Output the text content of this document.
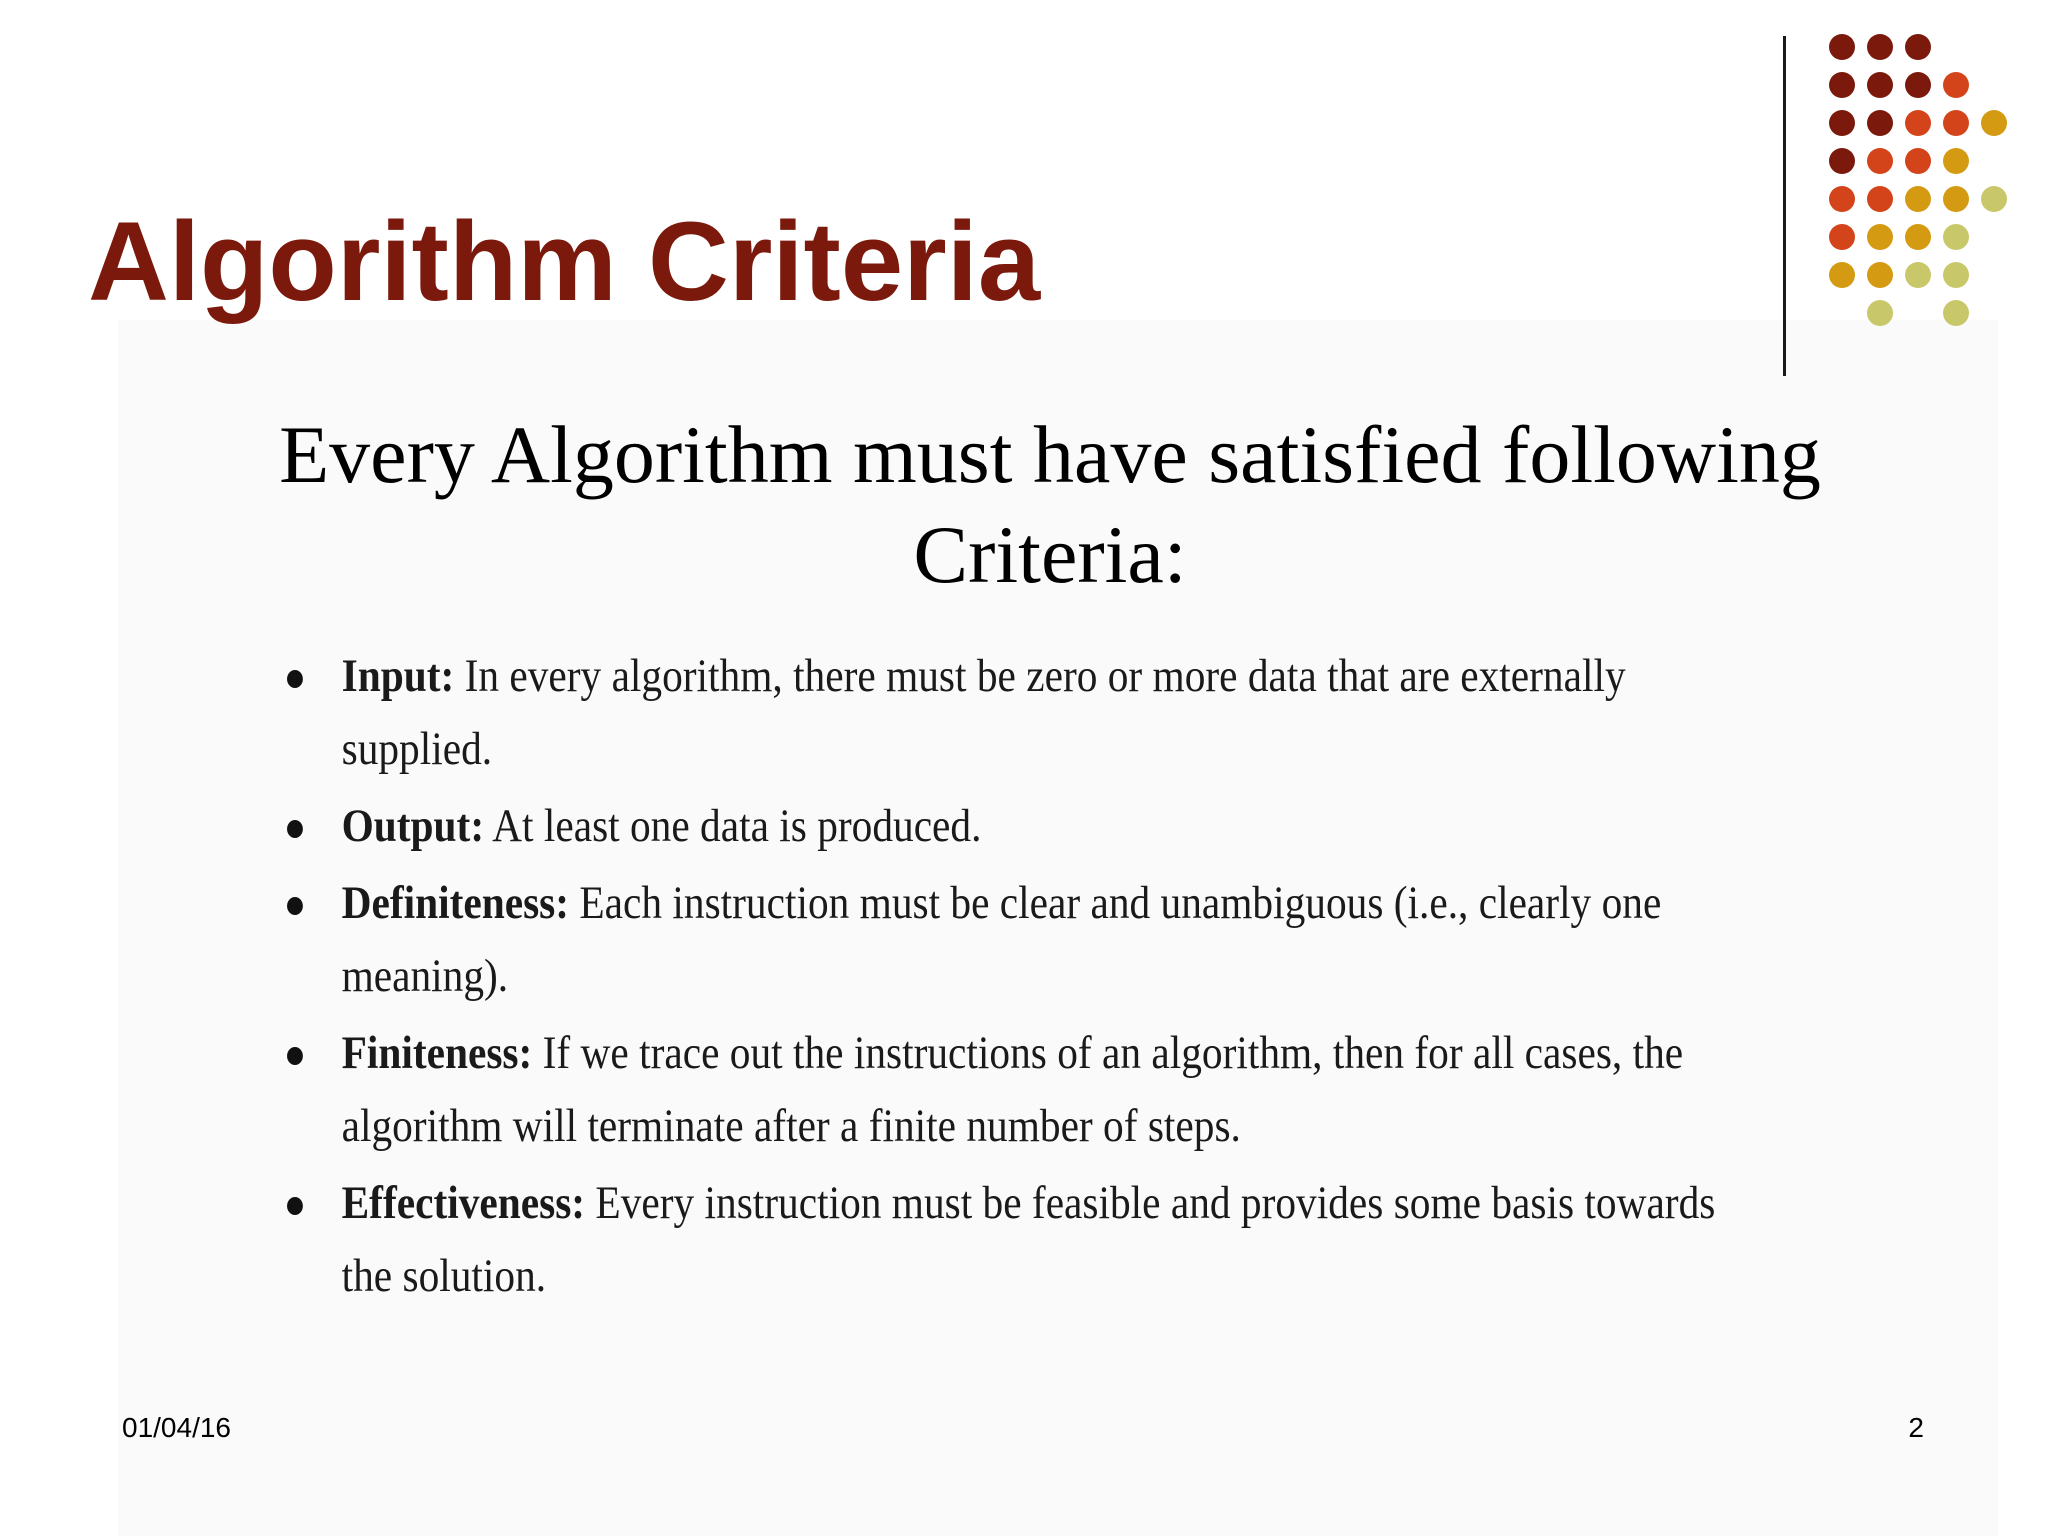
Algorithm Criteria

Every Algorithm must have satisfied following Criteria:

Input: In every algorithm, there must be zero or more data that are externally supplied.
Output: At least one data is produced.
Definiteness: Each instruction must be clear and unambiguous (i.e., clearly one meaning).
Finiteness: If we trace out the instructions of an algorithm, then for all cases, the algorithm will terminate after a finite number of steps.
Effectiveness: Every instruction must be feasible and provides some basis towards the solution.
01/04/16	2
